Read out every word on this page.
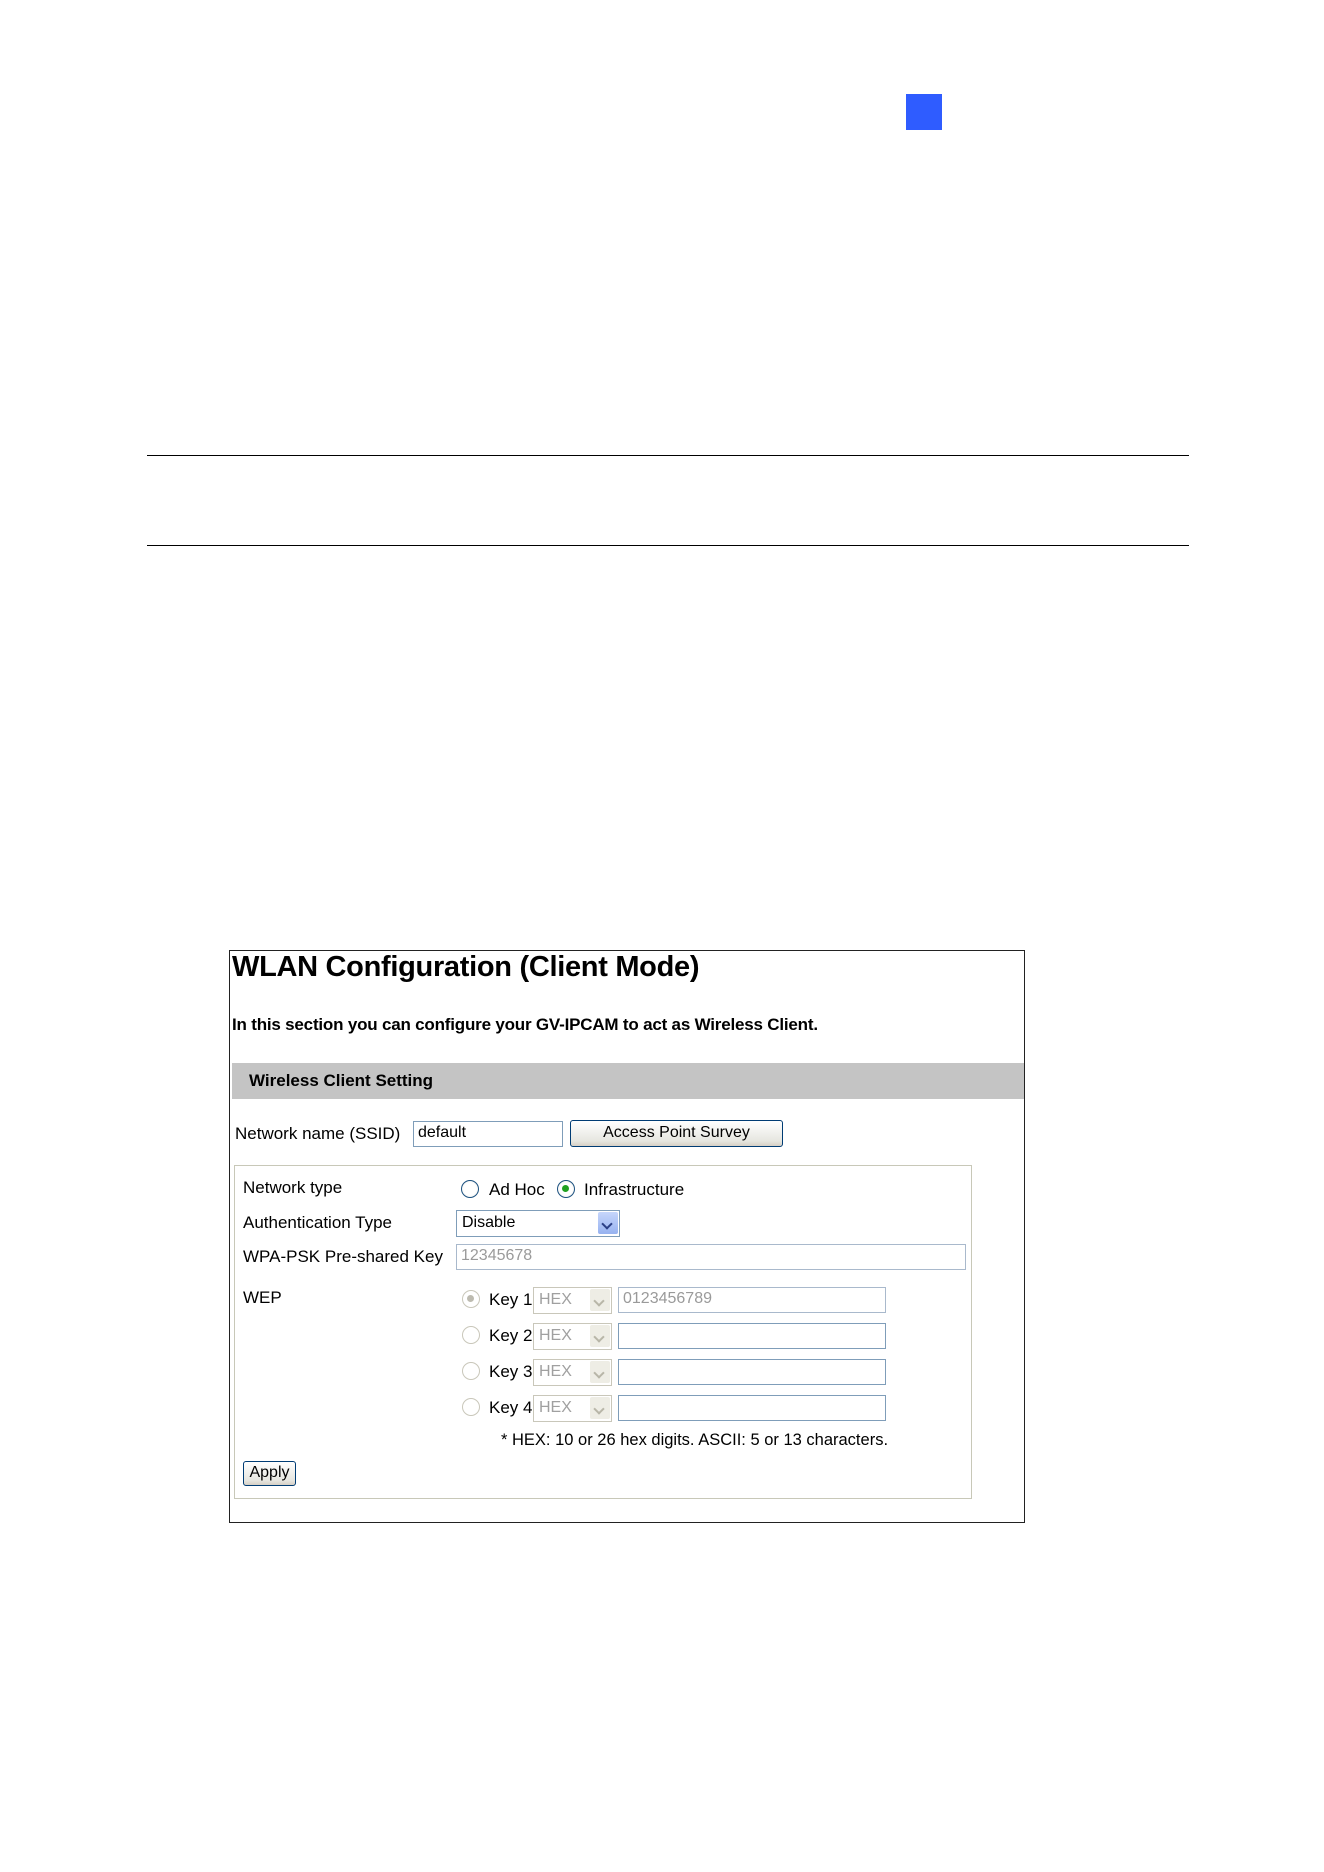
WLAN Configuration (Client Mode)
In this section you can configure your GV-IPCAM to act as Wireless Client.
Wireless Client Setting
Network name (SSID)	default	Access Point Survey
Network type	Ad Hoc Infrastructure
Authentication Type	Disable
WPA-PSK Pre-shared Key	12345678
WEP	Key 1 HEX	0123456789
Key 2 HEX
Key 3 HEX
Key 4 HEX
* HEX: 10 or 26 hex digits. ASCII: 5 or 13 characters.
Apply
